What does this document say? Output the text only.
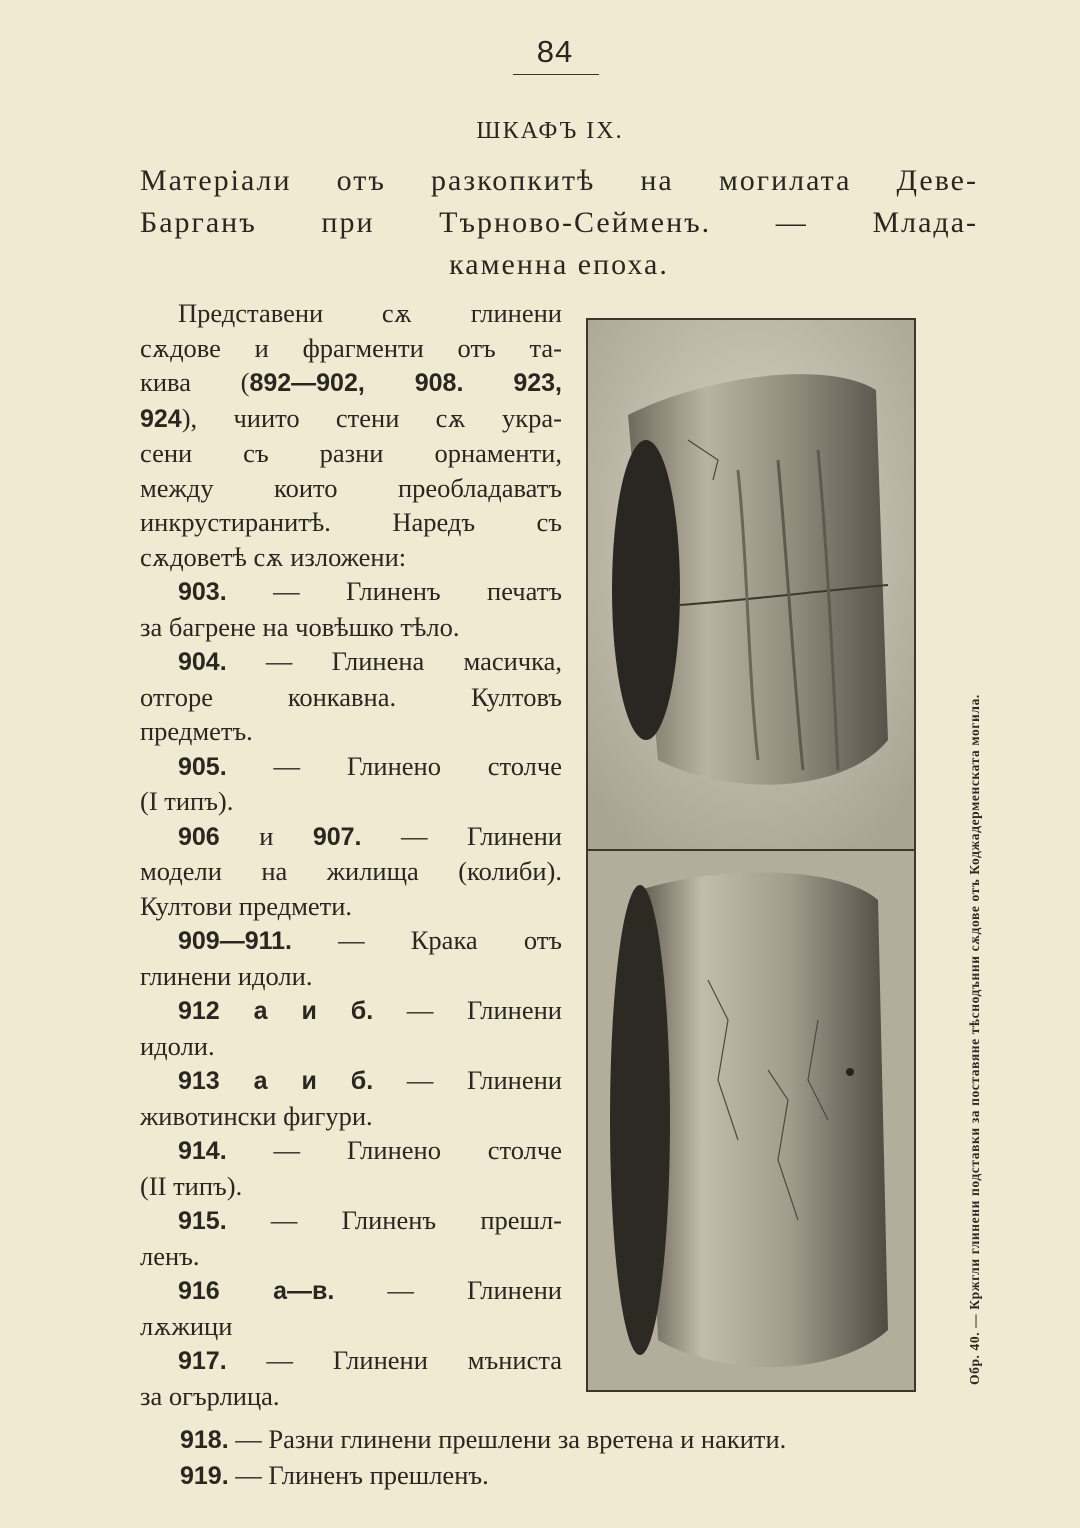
84
ШКАФЪ IX.
Матеріали отъ разкопкитѣ на могилата Деве-
Барганъ при Търново-Сейменъ. — Млада-
каменна епоха.

Представени сѫ глинени

сѫдове и фрагменти отъ та-

кива (892—902, 908. 923,

924), чиито стени сѫ укра-

сени съ разни орнаменти,

между които преобладаватъ

инкрустиранитѣ. Наредъ съ

сѫдоветѣ сѫ изложени:

903. — Глиненъ печатъ

за багрене на човѣшко тѣло.

904. — Глинена масичка,

отгоре конкавна. Култовъ

предметъ.

905. — Глинено столче

(I типъ).

906 и 907. — Глинени

модели на жилища (колиби).

Култови предмети.

909—911. — Крака отъ

глинени идоли.

912 а и б. — Глинени

идоли.

913 а и б. — Глинени

животински фигури.

914. — Глинено столче

(II типъ).

915. — Глиненъ прешл-

ленъ.

916 а—в. — Глинени

лѫжици

917. — Глинени мъниста

за огърлица.

Обр. 40. — Кржгли глинени подставки за поставяне тѣснодънни сѫдове отъ Коджадерменската могила.

918. — Разни глинени прешлени за вретена и накити.

919. — Глиненъ прешленъ.
